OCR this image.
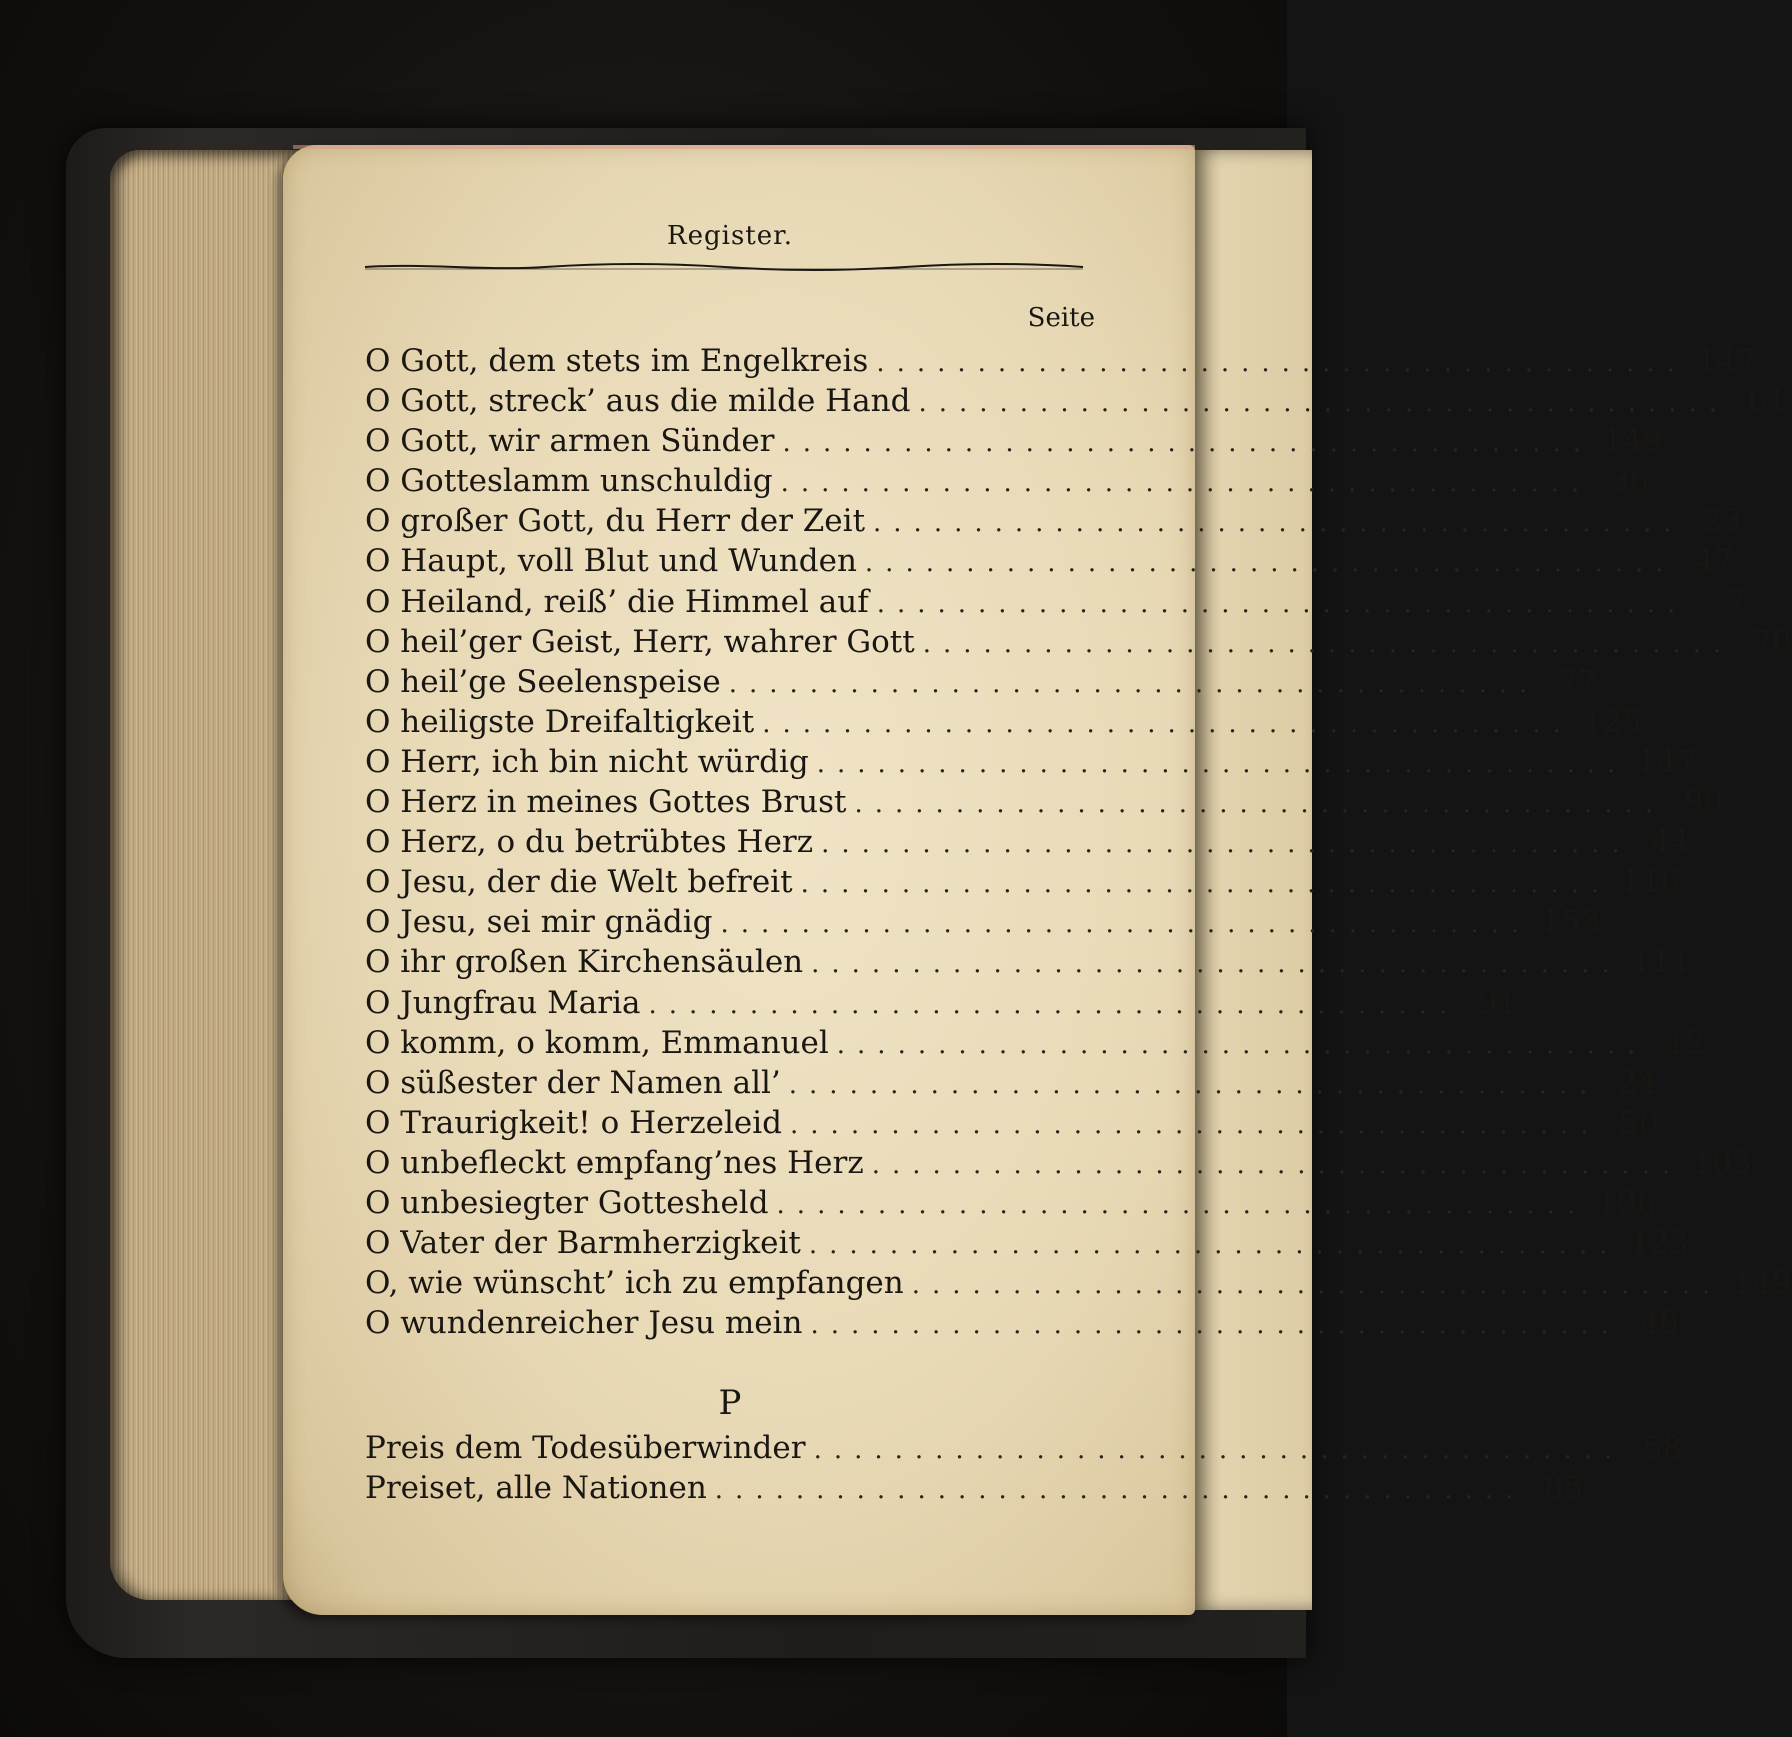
Register.
Seite
O Gott, dem stets im Engelkreis ........................................ 147
O Gott, streck’ aus die milde Hand ........................................ 61
O Gott, wir armen Sünder ........................................ 149
O Gotteslamm unschuldig ........................................ 36
O großer Gott, du Herr der Zeit ........................................ 23
O Haupt, voll Blut und Wunden ........................................ 47
O Heiland, reiß’ die Himmel auf ........................................	7
O heil’ger Geist, Herr, wahrer Gott ........................................ 70
O heil’ge Seelenspeise ........................................ 77
O heiligste Dreifaltigkeit ........................................ 125
O Herr, ich bin nicht würdig ........................................ 147
O Herz in meines Gottes Brust ........................................ 90
O Herz, o du betrübtes Herz ........................................ 44
O Jesu, der die Welt befreit ........................................ 116
O Jesu, sei mir gnädig ........................................ 153
O ihr großen Kirchensäulen ........................................ 111
O Jungfrau Maria ........................................ 91
O komm, o komm, Emmanuel ........................................ 12
O süßester der Namen all’ ........................................ 24
O Traurigkeit! o Herzeleid ........................................ 50
O unbefleckt empfang’nes Herz ........................................ 103
O unbesiegter Gottesheld ........................................ 106
O Vater der Barmherzigkeit ........................................ 123
O, wie wünscht’ ich zu empfangen ........................................ 149
O wundenreicher Jesu mein ........................................ 40
P
Preis dem Todesüberwinder ........................................ 58
Preiset, alle Nationen ........................................ 85
